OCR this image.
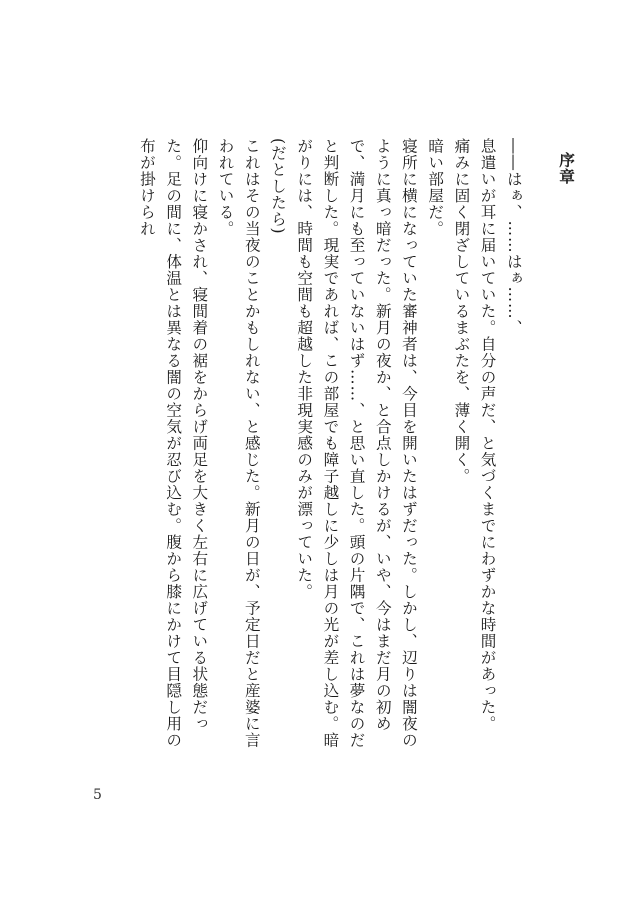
序章

――はぁ、……はぁ……、

息遣いが耳に届いていた。自分の声だ、と気づくまでにわずかな時間があった。

痛みに固く閉ざしているまぶたを、薄く開く。

暗い部屋だ。

寝所に横になっていた審神者は、今目を開いたはずだった。しかし、辺りは闇夜のように真っ暗だった。新月の夜か、と合点しかけるが、いや、今はまだ月の初めで、満月にも至っていないはず……、と思い直した。頭の片隅で、これは夢なのだと判断した。現実であれば、この部屋でも障子越しに少しは月の光が差し込む。暗がりには、時間も空間も超越した非現実感のみが漂っていた。

(だとしたら)

これはその当夜のことかもしれない、と感じた。新月の日が、予定日だと産婆に言われている。

仰向けに寝かされ、寝間着の裾をからげ両足を大きく左右に広げている状態だった。足の間に、体温とは異なる闇の空気が忍び込む。腹から膝にかけて目隠し用の布が掛けられ

5
